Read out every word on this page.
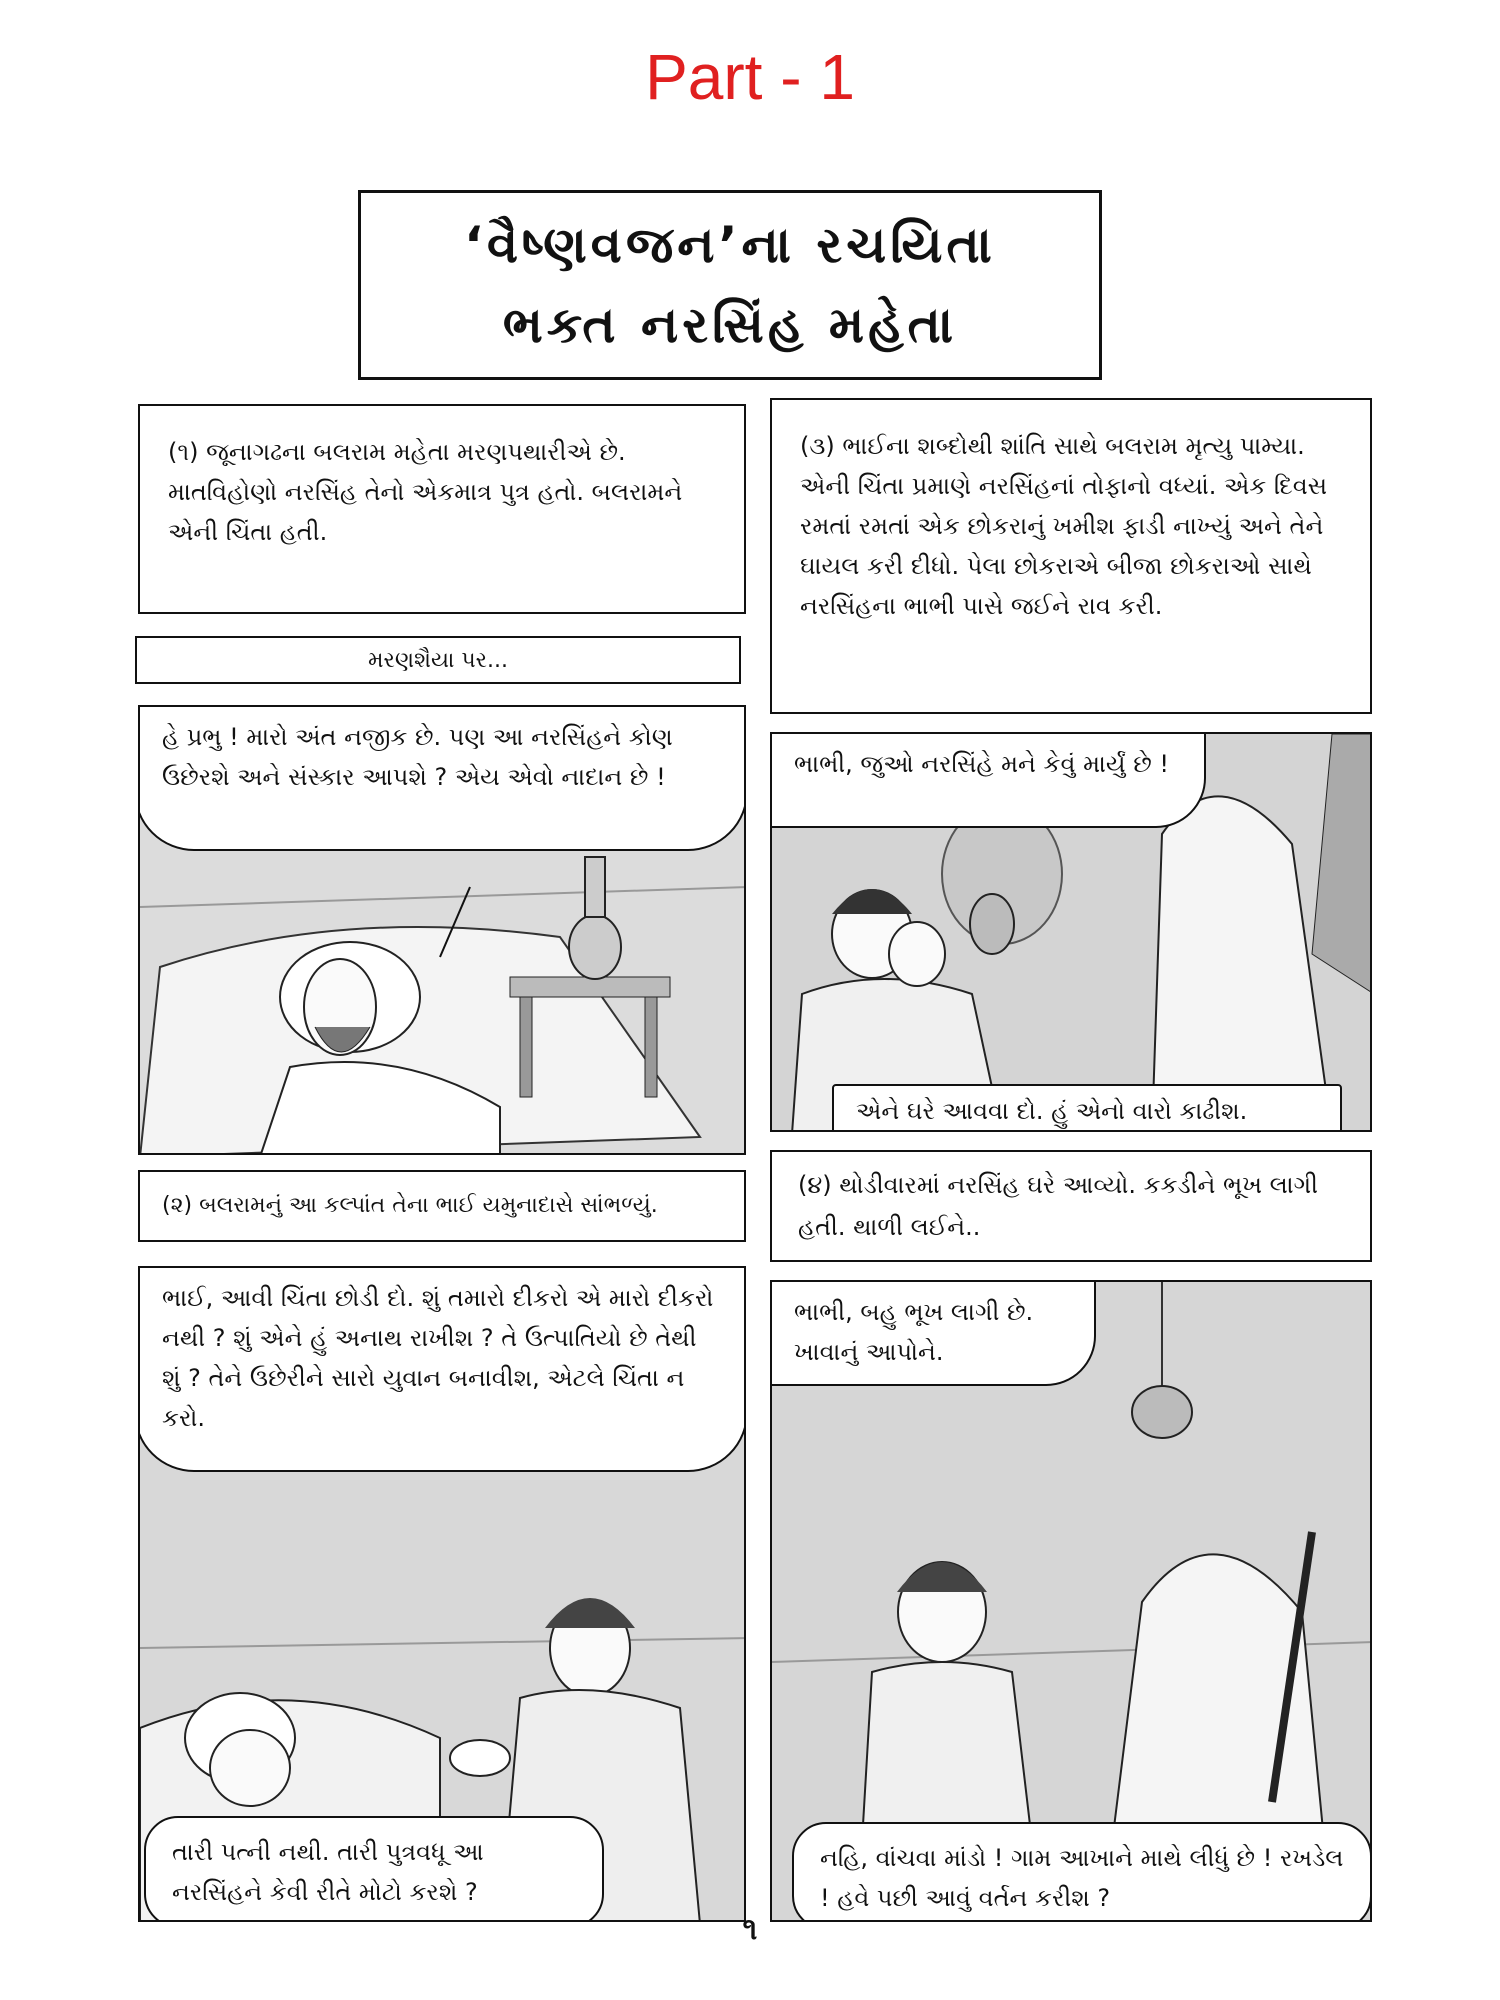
Part - 1
‘વૈષ્ણવજન’ના રચયિતા
ભક્ત નરસિંહ મહેતા
(૧) જૂનાગઢના બલરામ મહેતા મરણપથારીએ છે. માતવિહોણો નરસિંહ તેનો એકમાત્ર પુત્ર હતો. બલરામને એની ચિંતા હતી.
મરણશૈયા પર...
હે પ્રભુ ! મારો અંત નજીક છે. પણ આ નરસિંહને કોણ ઉછેરશે અને સંસ્કાર આપશે ? એય એવો નાદાન છે !
(૨) બલરામનું આ કલ્પાંત તેના ભાઈ યમુનાદાસે સાંભળ્યું.
ભાઈ, આવી ચિંતા છોડી દો. શું તમારો દીકરો એ મારો દીકરો નથી ? શું એને હું અનાથ રાખીશ ? તે ઉત્પાતિયો છે તેથી શું ? તેને ઉછેરીને સારો યુવાન બનાવીશ, એટલે ચિંતા ન કરો.
તારી પત્ની નથી. તારી પુત્રવધૂ આ નરસિંહને કેવી રીતે મોટો કરશે ?
(૩) ભાઈના શબ્દોથી શાંતિ સાથે બલરામ મૃત્યુ પામ્યા. એની ચિંતા પ્રમાણે નરસિંહનાં તોફાનો વધ્યાં. એક દિવસ રમતાં રમતાં એક છોકરાનું ખમીશ ફાડી નાખ્યું અને તેને ઘાયલ કરી દીધો. પેલા છોકરાએ બીજા છોકરાઓ સાથે નરસિંહના ભાભી પાસે જઈને રાવ કરી.
ભાભી, જુઓ નરસિંહે મને કેવું માર્યું છે !
એને ઘરે આવવા દો. હું એનો વારો કાઢીશ.
(૪) થોડીવારમાં નરસિંહ ઘરે આવ્યો. કકડીને ભૂખ લાગી હતી. થાળી લઈને..
ભાભી, બહુ ભૂખ લાગી છે. ખાવાનું આપોને.
નહિ, વાંચવા માંડો ! ગામ આખાને માથે લીધું છે ! રખડેલ ! હવે પછી આવું વર્તન કરીશ ?
૧
